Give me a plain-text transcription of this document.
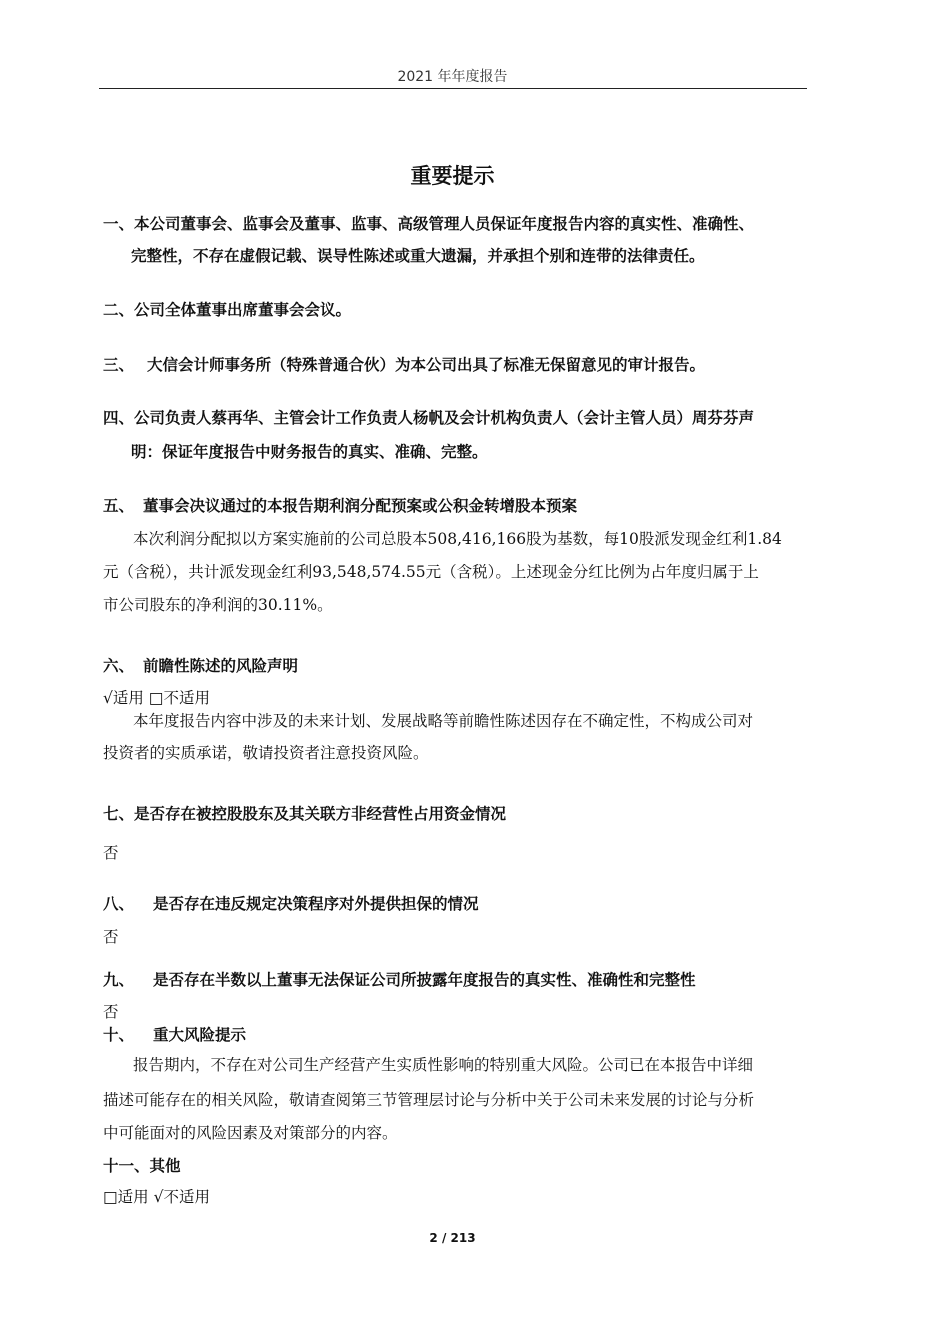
2021 年年度报告
重要提示
一、本公司董事会、监事会及董事、监事、高级管理人员保证年度报告内容的真实性、准确性、
完整性，不存在虚假记载、误导性陈述或重大遗漏，并承担个别和连带的法律责任。
二、公司全体董事出席董事会会议。
三、 大信会计师事务所（特殊普通合伙）为本公司出具了标准无保留意见的审计报告。
四、公司负责人蔡再华、主管会计工作负责人杨帆及会计机构负责人（会计主管人员）周芬芬声
明：保证年度报告中财务报告的真实、准确、完整。
五、 董事会决议通过的本报告期利润分配预案或公积金转增股本预案
本次利润分配拟以方案实施前的公司总股本508,416,166股为基数，每10股派发现金红利1.84
元（含税），共计派发现金红利93,548,574.55元（含税）。上述现金分红比例为占年度归属于上
市公司股东的净利润的30.11%。
六、 前瞻性陈述的风险声明
√适用 □不适用
本年度报告内容中涉及的未来计划、发展战略等前瞻性陈述因存在不确定性，不构成公司对
投资者的实质承诺，敬请投资者注意投资风险。
七、是否存在被控股股东及其关联方非经营性占用资金情况
否
八、 是否存在违反规定决策程序对外提供担保的情况
否
九、 是否存在半数以上董事无法保证公司所披露年度报告的真实性、准确性和完整性
否
十、 重大风险提示
报告期内，不存在对公司生产经营产生实质性影响的特别重大风险。公司已在本报告中详细
描述可能存在的相关风险，敬请查阅第三节管理层讨论与分析中关于公司未来发展的讨论与分析
中可能面对的风险因素及对策部分的内容。
十一、其他
□适用 √不适用
2 / 213
